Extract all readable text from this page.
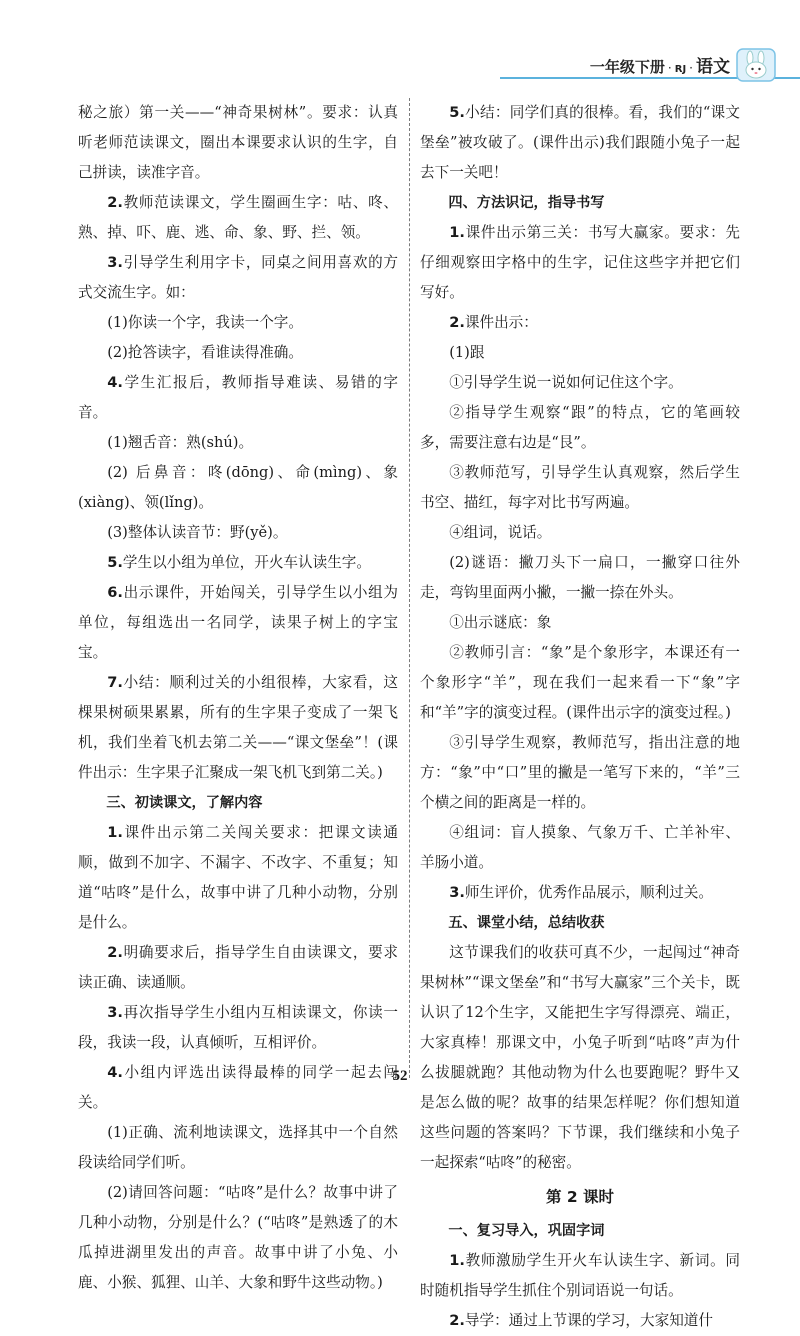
一年级下册 · RJ · 语文

秘之旅）第一关——“神奇果树林”。要求：认真听老师范读课文，圈出本课要求认识的生字，自己拼读，读准字音。

2.教师范读课文，学生圈画生字：咕、咚、熟、掉、吓、鹿、逃、命、象、野、拦、领。

3.引导学生利用字卡，同桌之间用喜欢的方式交流生字。如：

(1)你读一个字，我读一个字。

(2)抢答读字，看谁读得准确。

4.学生汇报后，教师指导难读、易错的字音。

(1)翘舌音：熟(shú)。

(2) 后鼻音：咚(dōng)、命(mìng)、象(xiàng)、领(lǐng)。

(3)整体认读音节：野(yě)。

5.学生以小组为单位，开火车认读生字。

6.出示课件，开始闯关，引导学生以小组为单位，每组选出一名同学，读果子树上的字宝宝。

7.小结：顺利过关的小组很棒，大家看，这棵果树硕果累累，所有的生字果子变成了一架飞机，我们坐着飞机去第二关——“课文堡垒”！(课件出示：生字果子汇聚成一架飞机飞到第二关。)

三、初读课文，了解内容

1.课件出示第二关闯关要求：把课文读通顺，做到不加字、不漏字、不改字、不重复；知道“咕咚”是什么，故事中讲了几种小动物，分别是什么。

2.明确要求后，指导学生自由读课文，要求读正确、读通顺。

3.再次指导学生小组内互相读课文，你读一段，我读一段，认真倾听，互相评价。

4.小组内评选出读得最棒的同学一起去闯关。

(1)正确、流利地读课文，选择其中一个自然段读给同学们听。

(2)请回答问题：“咕咚”是什么？故事中讲了几种小动物，分别是什么？(“咕咚”是熟透了的木瓜掉进湖里发出的声音。故事中讲了小兔、小鹿、小猴、狐狸、山羊、大象和野牛这些动物。)

5.小结：同学们真的很棒。看，我们的“课文堡垒”被攻破了。(课件出示)我们跟随小兔子一起去下一关吧！

四、方法识记，指导书写

1.课件出示第三关：书写大赢家。要求：先仔细观察田字格中的生字，记住这些字并把它们写好。

2.课件出示：

(1)跟

①引导学生说一说如何记住这个字。

②指导学生观察“跟”的特点，它的笔画较多，需要注意右边是“艮”。

③教师范写，引导学生认真观察，然后学生书空、描红，每字对比书写两遍。

④组词，说话。

(2)谜语：撇刀头下一扁口，一撇穿口往外走，弯钩里面两小撇，一撇一捺在外头。

①出示谜底：象

②教师引言：“象”是个象形字，本课还有一个象形字“羊”，现在我们一起来看一下“象”字和“羊”字的演变过程。(课件出示字的演变过程。)

③引导学生观察，教师范写，指出注意的地方：“象”中“口”里的撇是一笔写下来的，“羊”三个横之间的距离是一样的。

④组词：盲人摸象、气象万千、亡羊补牢、羊肠小道。

3.师生评价，优秀作品展示，顺利过关。

五、课堂小结，总结收获

这节课我们的收获可真不少，一起闯过“神奇果树林”“课文堡垒”和“书写大赢家”三个关卡，既认识了12个生字，又能把生字写得漂亮、端正，大家真棒！那课文中，小兔子听到“咕咚”声为什么拔腿就跑？其他动物为什么也要跑呢？野牛又是怎么做的呢？故事的结果怎样呢？你们想知道这些问题的答案吗？下节课，我们继续和小兔子一起探索“咕咚”的秘密。

第 2 课时

一、复习导入，巩固字词

1.教师激励学生开火车认读生字、新词。同时随机指导学生抓住个别词语说一句话。

2.导学：通过上节课的学习，大家知道什

52
